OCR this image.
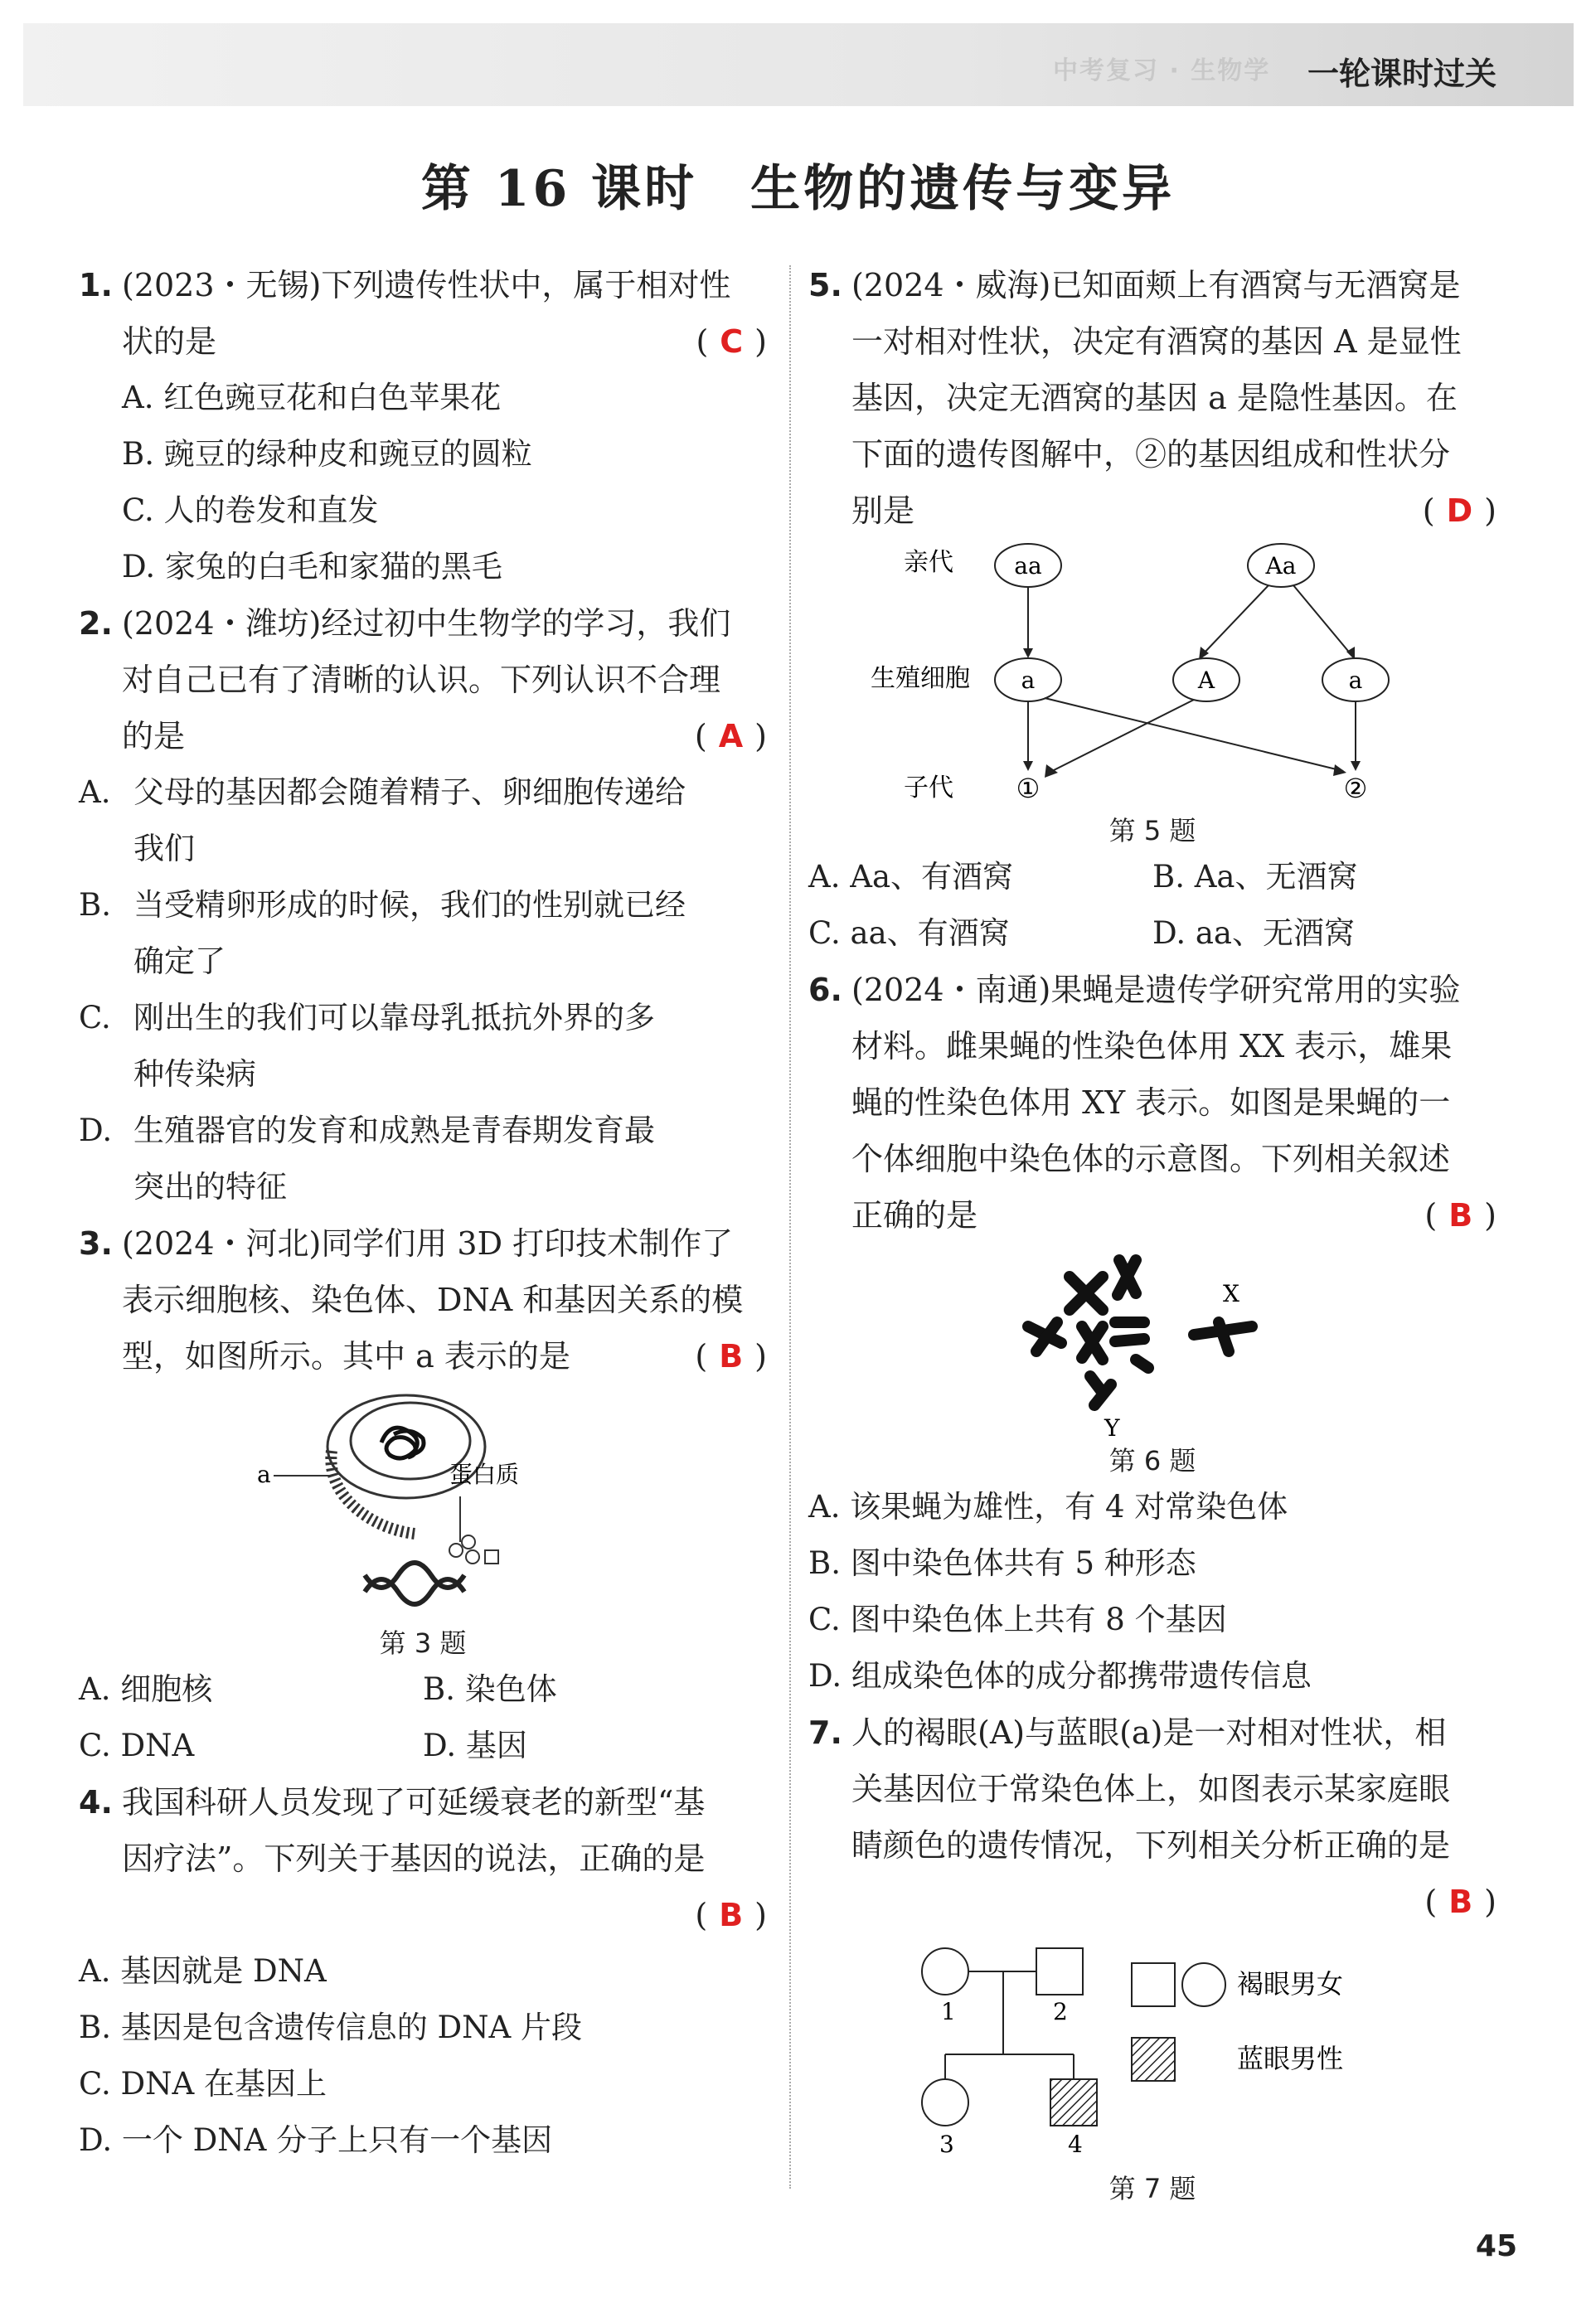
中考复习 · 生物学 一轮课时过关
第 16 课时　生物的遗传与变异
1. (2023・无锡)下列遗传性状中，属于相对性
状的是	( C )
A. 红色豌豆花和白色苹果花
B. 豌豆的绿种皮和豌豆的圆粒
C. 人的卷发和直发
D. 家兔的白毛和家猫的黑毛
2. (2024・潍坊)经过初中生物学的学习，我们
对自己已有了清晰的认识。下列认识不合理
的是	( A )
A. 父母的基因都会随着精子、卵细胞传递给
我们
B. 当受精卵形成的时候，我们的性别就已经
确定了
C. 刚出生的我们可以靠母乳抵抗外界的多
种传染病
D. 生殖器官的发育和成熟是青春期发育最
突出的特征
3. (2024・河北)同学们用 3D 打印技术制作了
表示细胞核、染色体、DNA 和基因关系的模
型，如图所示。其中 a 表示的是	( B )
a	蛋白质
第 3 题
A. 细胞核	B. 染色体
C. DNA	D. 基因
4. 我国科研人员发现了可延缓衰老的新型“基
因疗法”。下列关于基因的说法，正确的是
( B )
A. 基因就是 DNA
B. 基因是包含遗传信息的 DNA 片段
C. DNA 在基因上
D. 一个 DNA 分子上只有一个基因
5. (2024・威海)已知面颊上有酒窝与无酒窝是
一对相对性状，决定有酒窝的基因 A 是显性
基因，决定无酒窝的基因 a 是隐性基因。在
下面的遗传图解中，②的基因组成和性状分
别是	( D )
亲代
生殖细胞
子代
aa	Aa
a	A	a
①	②
第 5 题
A. Aa、有酒窝	B. Aa、无酒窝
C. aa、有酒窝	D. aa、无酒窝
6. (2024・南通)果蝇是遗传学研究常用的实验
材料。雌果蝇的性染色体用 XX 表示，雄果
蝇的性染色体用 XY 表示。如图是果蝇的一
个体细胞中染色体的示意图。下列相关叙述
正确的是	( B )
X
Y
第 6 题
A. 该果蝇为雄性，有 4 对常染色体
B. 图中染色体共有 5 种形态
C. 图中染色体上共有 8 个基因
D. 组成染色体的成分都携带遗传信息
7. 人的褐眼(A)与蓝眼(a)是一对相对性状，相
关基因位于常染色体上，如图表示某家庭眼
睛颜色的遗传情况，下列相关分析正确的是
( B )
1	2
3	4
褐眼男女
蓝眼男性
第 7 题
45
